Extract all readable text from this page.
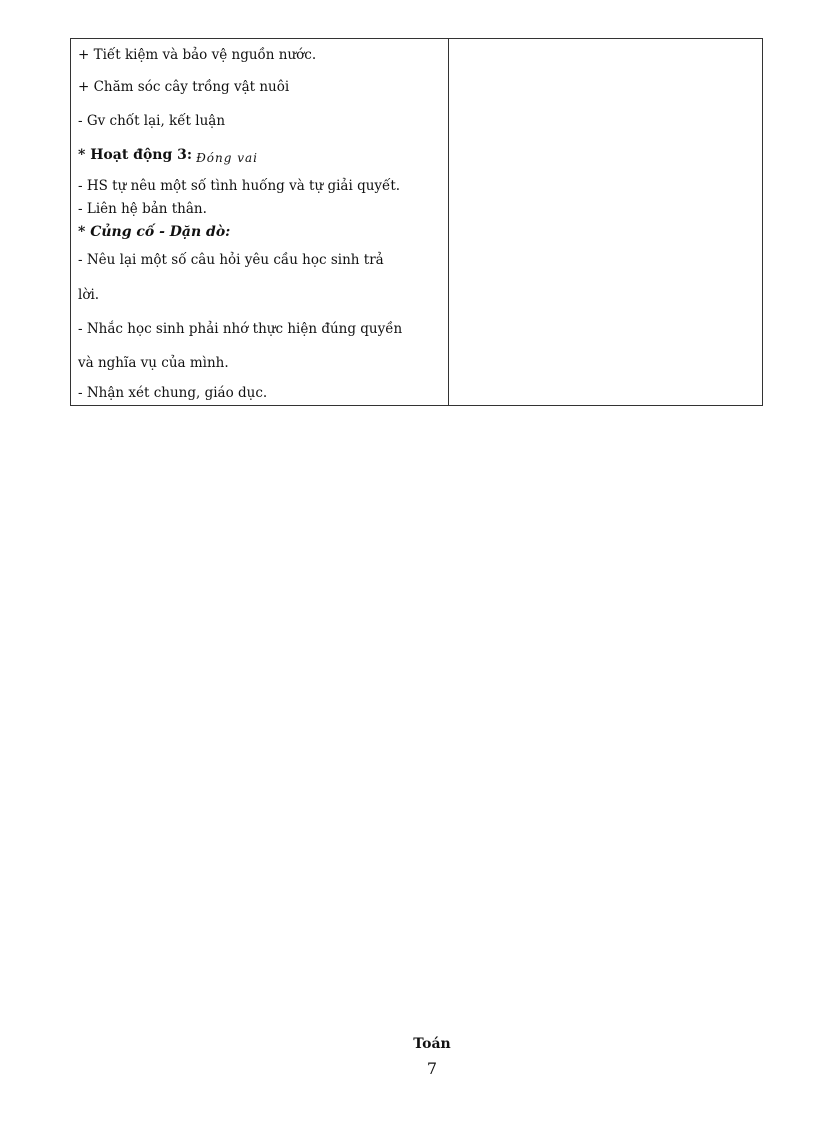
+ Tiết kiệm và bảo vệ nguồn nước.
+ Chăm sóc cây trồng vật nuôi
- Gv chốt lại, kết luận
* Hoạt động 3: Đóng vai
- HS tự nêu một số tình huống và tự giải quyết.
- Liên hệ bản thân.
* Củng cố - Dặn dò:
- Nêu lại một số câu hỏi yêu cầu học sinh trả
lời.
- Nhắc học sinh phải nhớ thực hiện đúng quyền
và nghĩa vụ của mình.
- Nhận xét chung, giáo dục.

Toán
7
